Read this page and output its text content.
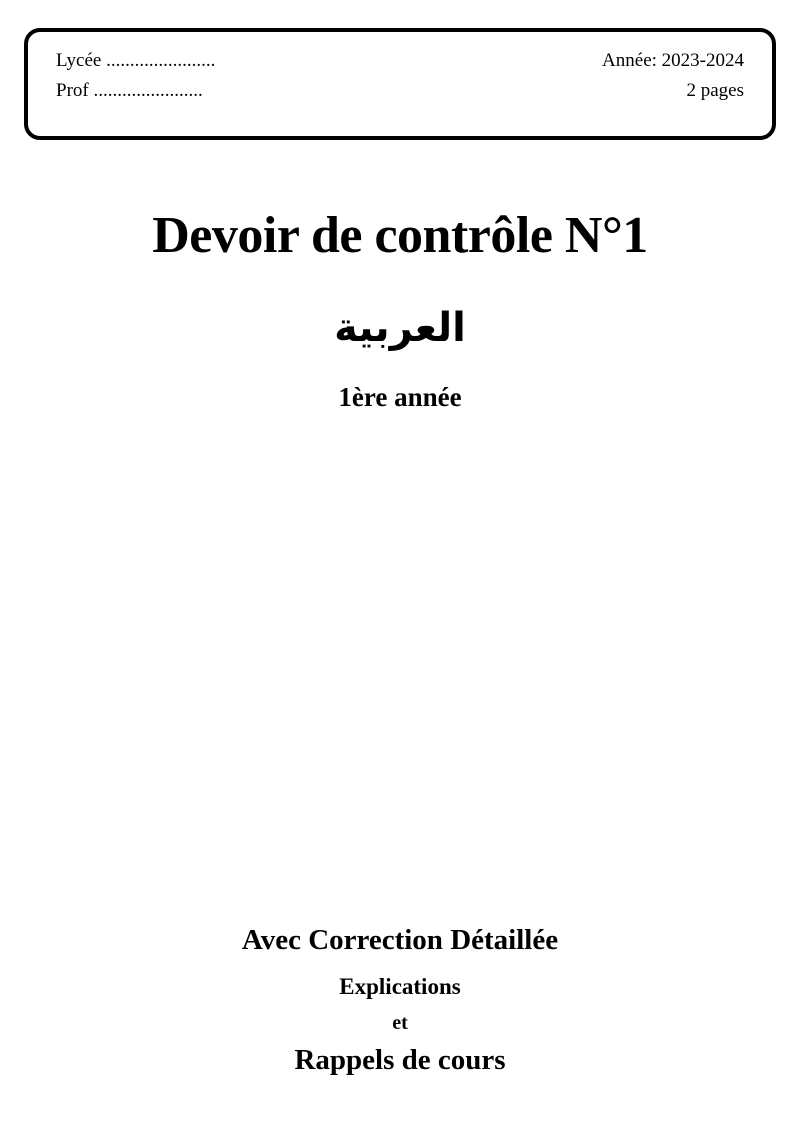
Lycée .......................	Année: 2023-2024
Prof .......................	2 pages
Devoir de contrôle N°1
العربية
1ère année
Avec Correction Détaillée
Explications
et
Rappels de cours
